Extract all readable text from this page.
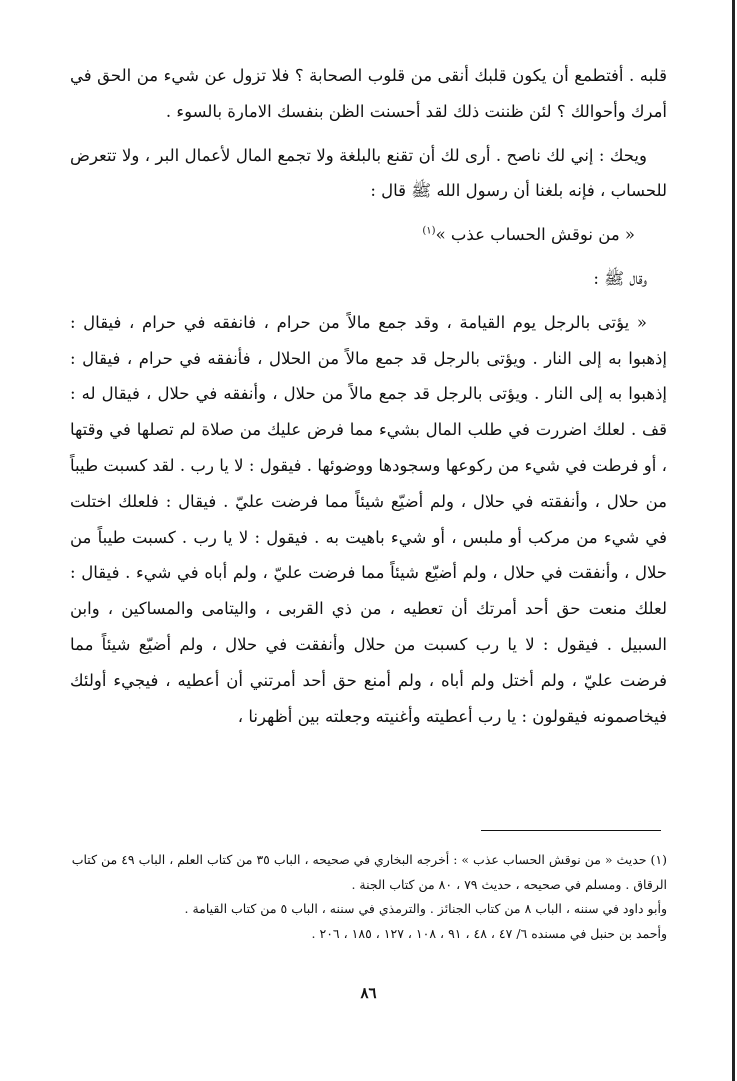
قلبه . أفتطمع أن يكون قلبك أنقى من قلوب الصحابة ؟ فلا تزول عن شيء من الحق في أمرك وأحوالك ؟ لئن ظننت ذلك لقد أحسنت الظن بنفسك الامارة بالسوء .

ويحك : إني لك ناصح . أرى لك أن تقنع بالبلغة ولا تجمع المال لأعمال البر ، ولا تتعرض للحساب ، فإنه بلغنا أن رسول الله ﷺ قال :

« من نوقش الحساب عذب »$^{(١)}$

وقال ﷺ :

« يؤتى بالرجل يوم القيامة ، وقد جمع مالاً من حرام ، فانفقه في حرام ، فيقال : إذهبوا به إلى النار . ويؤتى بالرجل قد جمع مالاً من الحلال ، فأنفقه في حرام ، فيقال : إذهبوا به إلى النار . ويؤتى بالرجل قد جمع مالاً من حلال ، وأنفقه في حلال ، فيقال له : قف . لعلك اضررت في طلب المال بشيء مما فرض عليك من صلاة لم تصلها في وقتها ، أو فرطت في شيء من ركوعها وسجودها ووضوئها . فيقول : لا يا رب . لقد كسبت طيباً من حلال ، وأنفقته في حلال ، ولم أضيّع شيئاً مما فرضت عليّ . فيقال : فلعلك اختلت في شيء من مركب أو ملبس ، أو شيء باهيت به . فيقول : لا يا رب . كسبت طيباً من حلال ، وأنفقت في حلال ، ولم أضيّع شيئاً مما فرضت عليّ ، ولم أباه في شيء . فيقال : لعلك منعت حق أحد أمرتك أن تعطيه ، من ذي القربى ، واليتامى والمساكين ، وابن السبيل . فيقول : لا يا رب كسبت من حلال وأنفقت في حلال ، ولم أضيّع شيئاً مما فرضت عليّ ، ولم أختل ولم أباه ، ولم أمنع حق أحد أمرتني أن أعطيه ، فيجيء أولئك فيخاصمونه فيقولون : يا رب أعطيته وأغنيته وجعلته بين أظهرنا ،

(١) حديث « من نوقش الحساب عذب » : أخرجه البخاري في صحيحه ، الباب ٣٥ من كتاب العلم ، الباب ٤٩ من كتاب الرقاق . ومسلم في صحيحه ، حديث ٧٩ ، ٨٠ من كتاب الجنة .

وأبو داود في سننه ، الباب ٨ من كتاب الجنائز . والترمذي في سننه ، الباب ٥ من كتاب القيامة .

وأحمد بن حنبل في مسنده ٦/ ٤٧ ، ٤٨ ، ٩١ ، ١٠٨ ، ١٢٧ ، ١٨٥ ، ٢٠٦ .

٨٦
